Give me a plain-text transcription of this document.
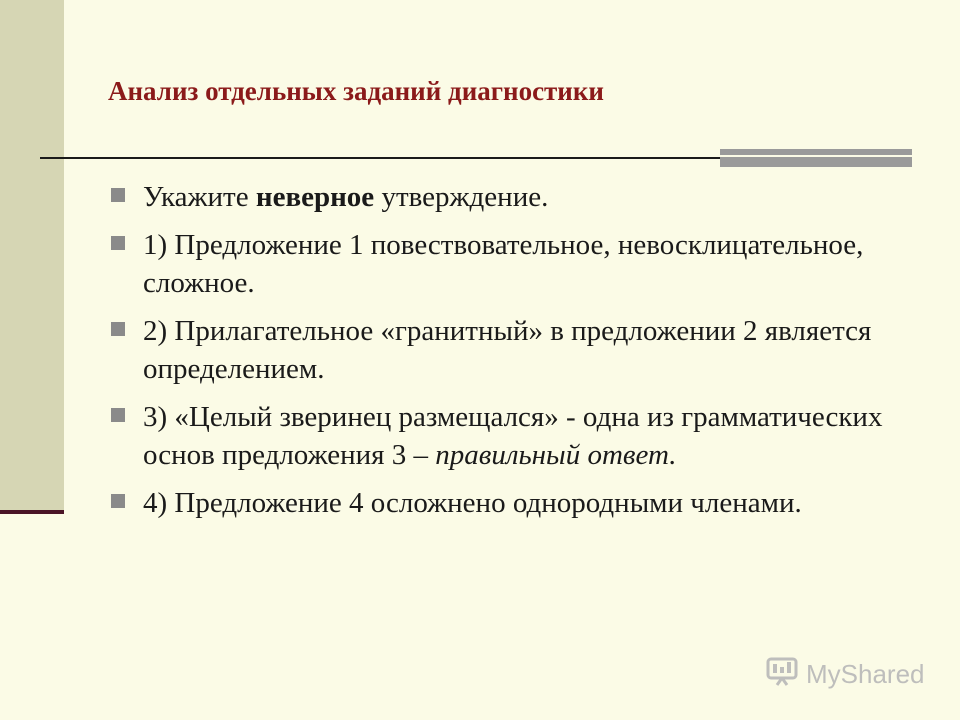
Анализ отдельных заданий диагностики
Укажите неверное утверждение.
1) Предложение 1 повествовательное, невосклицательное, сложное.
2) Прилагательное «гранитный» в предложении 2 является определением.
3) «Целый зверинец размещался» - одна из грамматических основ предложения 3 – правильный ответ.
4) Предложение 4 осложнено однородными членами.
MyShared
